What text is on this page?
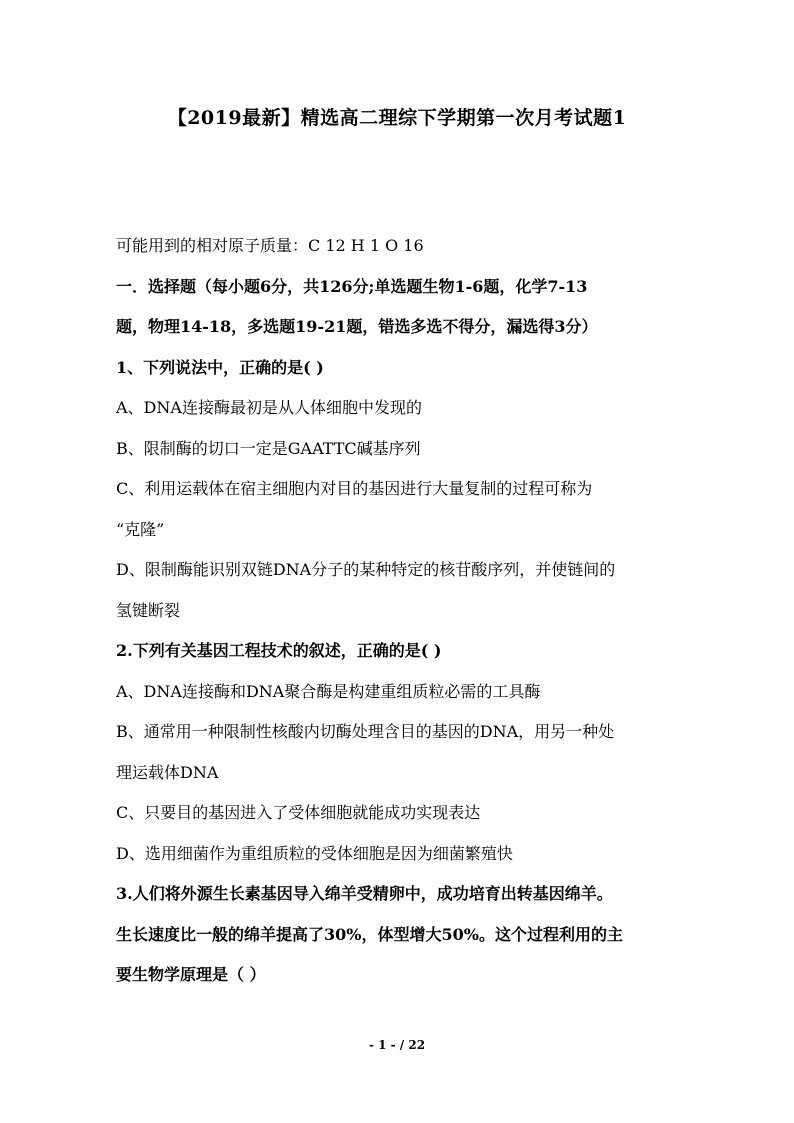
【2019最新】精选高二理综下学期第一次月考试题1
可能用到的相对原子质量：C 12 H 1 O 16
一．选择题（每小题6分，共126分;单选题生物1-6题，化学7-13
题，物理14-18，多选题19-21题，错选多选不得分，漏选得3分）
1、下列说法中，正确的是( )
A、DNA连接酶最初是从人体细胞中发现的
B、限制酶的切口一定是GAATTC碱基序列
C、利用运载体在宿主细胞内对目的基因进行大量复制的过程可称为
“克隆”
D、限制酶能识别双链DNA分子的某种特定的核苷酸序列，并使链间的
氢键断裂
2.下列有关基因工程技术的叙述，正确的是( )
A、DNA连接酶和DNA聚合酶是构建重组质粒必需的工具酶
B、通常用一种限制性核酸内切酶处理含目的基因的DNA，用另一种处
理运载体DNA
C、只要目的基因进入了受体细胞就能成功实现表达
D、选用细菌作为重组质粒的受体细胞是因为细菌繁殖快
3.人们将外源生长素基因导入绵羊受精卵中，成功培育出转基因绵羊。
生长速度比一般的绵羊提高了30%，体型增大50%。这个过程利用的主
要生物学原理是（ ）
- 1 - / 22
